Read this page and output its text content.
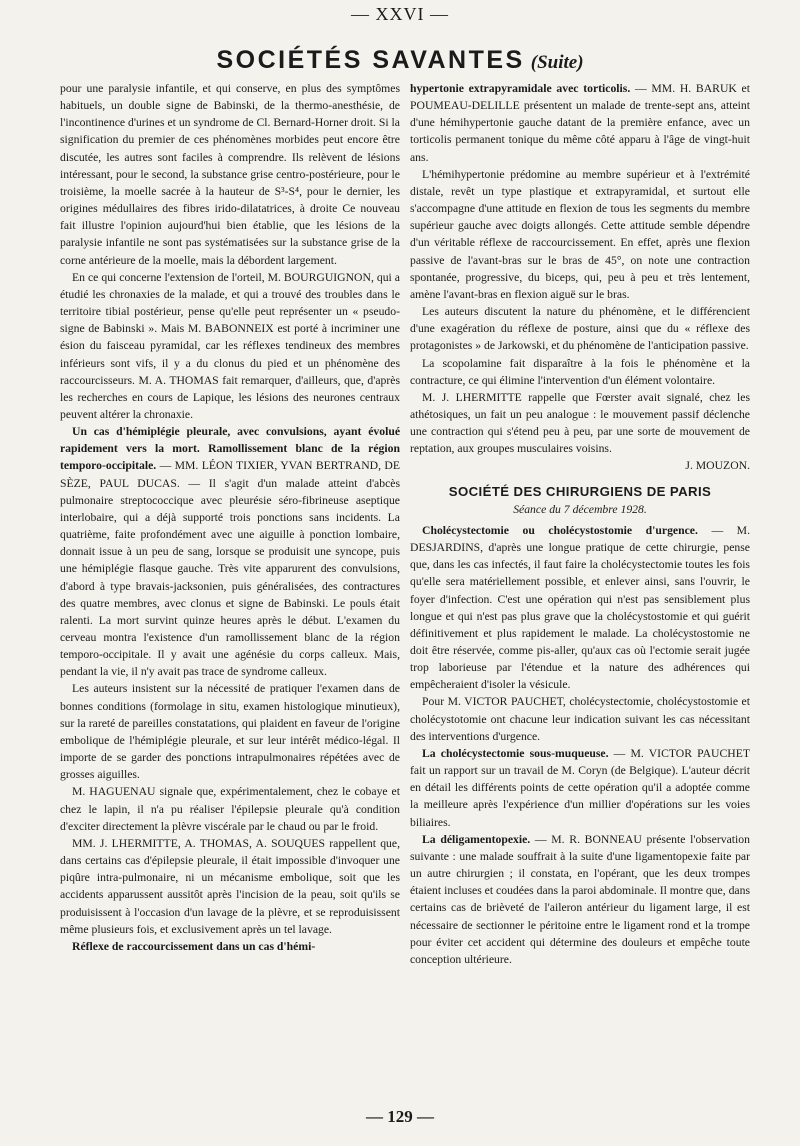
— XXVI —
SOCIÉTÉS SAVANTES (Suite)

pour une paralysie infantile, et qui conserve, en plus des symptômes habituels, un double signe de Babinski, de la thermo-anesthésie, de l'incontinence d'urines et un syndrome de Cl. Bernard-Horner droit. Si la signification du premier de ces phénomènes morbides peut encore être discutée, les autres sont faciles à comprendre. Ils relèvent de lésions intéressant, pour le second, la substance grise centro-postérieure, pour le troisième, la moelle sacrée à la hauteur de S³-S⁴, pour le dernier, les origines médullaires des fibres irido-dilatatrices, à droite Ce nouveau fait illustre l'opinion aujourd'hui bien établie, que les lésions de la paralysie infantile ne sont pas systématisées sur la substance grise de la corne antérieure de la moelle, mais la débordent largement.

En ce qui concerne l'extension de l'orteil, M. BOURGUIGNON, qui a étudié les chronaxies de la malade, et qui a trouvé des troubles dans le territoire tibial postérieur, pense qu'elle peut représenter un « pseudo-signe de Babinski ». Mais M. BABONNEIX est porté à incriminer une ésion du faisceau pyramidal, car les réflexes tendineux des membres inférieurs sont vifs, il y a du clonus du pied et un phénomène des raccourcisseurs. M. A. THOMAS fait remarquer, d'ailleurs, que, d'après les recherches en cours de Lapique, les lésions des neurones centraux peuvent altérer la chronaxie.

Un cas d'hémiplégie pleurale, avec convulsions, ayant évolué rapidement vers la mort. Ramollissement blanc de la région temporo-occipitale. — MM. LÉON TIXIER, YVAN BERTRAND, DE SÈZE, PAUL DUCAS. — Il s'agit d'un malade atteint d'abcès pulmonaire streptococcique avec pleurésie séro-fibrineuse aseptique interlobaire, qui a déjà supporté trois ponctions sans incidents. La quatrième, faite profondément avec une aiguille à ponction lombaire, donnait issue à un peu de sang, lorsque se produisit une syncope, puis une hémiplégie flasque gauche. Très vite apparurent des convulsions, d'abord à type bravais-jacksonien, puis généralisées, des contractures des quatre membres, avec clonus et signe de Babinski. Le pouls était ralenti. La mort survint quinze heures après le début. L'examen du cerveau montra l'existence d'un ramollissement blanc de la région temporo-occipitale. Il y avait une agénésie du corps calleux. Mais, pendant la vie, il n'y avait pas trace de syndrome calleux.

Les auteurs insistent sur la nécessité de pratiquer l'examen dans de bonnes conditions (formolage in situ, examen histologique minutieux), sur la rareté de pareilles constatations, qui plaident en faveur de l'origine embolique de l'hémiplégie pleurale, et sur leur intérêt médico-légal. Il importe de se garder des ponctions intrapulmonaires répétées avec de grosses aiguilles.

M. HAGUENAU signale que, expérimentalement, chez le cobaye et chez le lapin, il n'a pu réaliser l'épilepsie pleurale qu'à condition d'exciter directement la plèvre viscérale par le chaud ou par le froid.

MM. J. LHERMITTE, A. THOMAS, A. SOUQUES rappellent que, dans certains cas d'épilepsie pleurale, il était impossible d'invoquer une piqûre intra-pulmonaire, ni un mécanisme embolique, soit que les accidents apparussent aussitôt après l'incision de la peau, soit qu'ils se produisissent à l'occasion d'un lavage de la plèvre, et se reproduisissent même plusieurs fois, et exclusivement après un tel lavage.

Réflexe de raccourcissement dans un cas d'hémi-

hypertonie extrapyramidale avec torticolis. — MM. H. BARUK et POUMEAU-DELILLE présentent un malade de trente-sept ans, atteint d'une hémihypertonie gauche datant de la première enfance, avec un torticolis permanent tonique du même côté apparu à l'âge de vingt-huit ans.

L'hémihypertonie prédomine au membre supérieur et à l'extrémité distale, revêt un type plastique et extrapyramidal, et surtout elle s'accompagne d'une attitude en flexion de tous les segments du membre supérieur gauche avec doigts allongés. Cette attitude semble dépendre d'un véritable réflexe de raccourcissement. En effet, après une flexion passive de l'avant-bras sur le bras de 45°, on note une contraction spontanée, progressive, du biceps, qui, peu à peu et très lentement, amène l'avant-bras en flexion aiguë sur le bras.

Les auteurs discutent la nature du phénomène, et le différencient d'une exagération du réflexe de posture, ainsi que du « réflexe des protagonistes » de Jarkowski, et du phénomène de l'anticipation passive.

La scopolamine fait disparaître à la fois le phénomène et la contracture, ce qui élimine l'intervention d'un élément volontaire.

M. J. LHERMITTE rappelle que Fœrster avait signalé, chez les athétosiques, un fait un peu analogue : le mouvement passif déclenche une contraction qui s'étend peu à peu, par une sorte de mouvement de reptation, aux groupes musculaires voisins.

J. MOUZON.

SOCIÉTÉ DES CHIRURGIENS DE PARIS
Séance du 7 décembre 1928.

Cholécystectomie ou cholécystostomie d'urgence. — M. DESJARDINS, d'après une longue pratique de cette chirurgie, pense que, dans les cas infectés, il faut faire la cholécystectomie toutes les fois qu'elle sera matériellement possible, et enlever ainsi, sans l'ouvrir, le foyer d'infection. C'est une opération qui n'est pas sensiblement plus longue et qui n'est pas plus grave que la cholécystostomie et qui guérit définitivement et plus rapidement le malade. La cholécystostomie ne doit être réservée, comme pis-aller, qu'aux cas où l'ectomie serait jugée trop laborieuse par l'étendue et la nature des adhérences qui empêcheraient d'isoler la vésicule.

Pour M. VICTOR PAUCHET, cholécystectomie, cholécystostomie et cholécystotomie ont chacune leur indication suivant les cas nécessitant des interventions d'urgence.

La cholécystectomie sous-muqueuse. — M. VICTOR PAUCHET fait un rapport sur un travail de M. Coryn (de Belgique). L'auteur décrit en détail les différents points de cette opération qu'il a adoptée comme la meilleure après l'expérience d'un millier d'opérations sur les voies biliaires.

La déligamentopexie. — M. R. BONNEAU présente l'observation suivante : une malade souffrait à la suite d'une ligamentopexie faite par un autre chirurgien ; il constata, en l'opérant, que les deux trompes étaient incluses et coudées dans la paroi abdominale. Il montre que, dans certains cas de brièveté de l'aileron antérieur du ligament large, il est nécessaire de sectionner le péritoine entre le ligament rond et la trompe pour éviter cet accident qui détermine des douleurs et empêche toute conception ultérieure.

— 129 —
